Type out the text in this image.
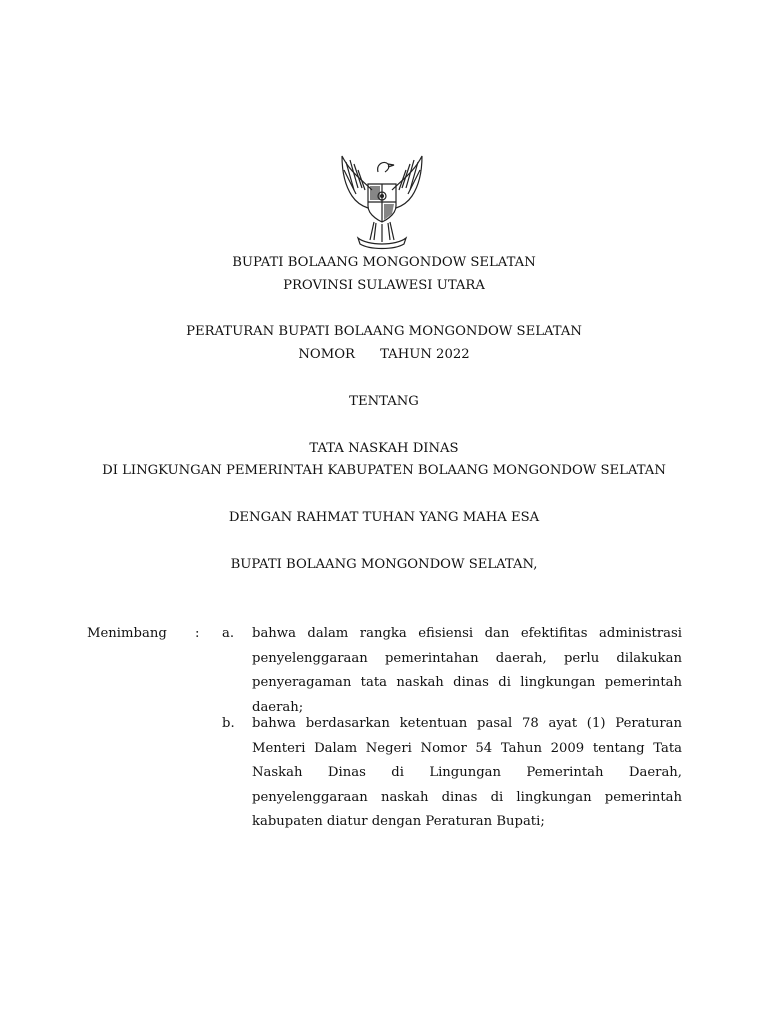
BUPATI BOLAANG MONGONDOW SELATAN
PROVINSI SULAWESI UTARA
PERATURAN BUPATI BOLAANG MONGONDOW SELATAN
NOMOR      TAHUN 2022
TENTANG
TATA NASKAH DINAS
DI LINGKUNGAN PEMERINTAH KABUPATEN BOLAANG MONGONDOW SELATAN
DENGAN RAHMAT TUHAN YANG MAHA ESA
BUPATI BOLAANG MONGONDOW SELATAN,
Menimbang : a. bahwa dalam rangka efisiensi dan efektifitas administrasi penyelenggaraan pemerintahan daerah, perlu dilakukan penyeragaman tata naskah dinas di lingkungan pemerintah daerah;
b. bahwa berdasarkan ketentuan pasal 78 ayat (1) Peraturan Menteri Dalam Negeri Nomor 54 Tahun 2009 tentang Tata Naskah Dinas di Lingungan Pemerintah Daerah, penyelenggaraan naskah dinas di lingkungan pemerintah kabupaten diatur dengan Peraturan Bupati;
